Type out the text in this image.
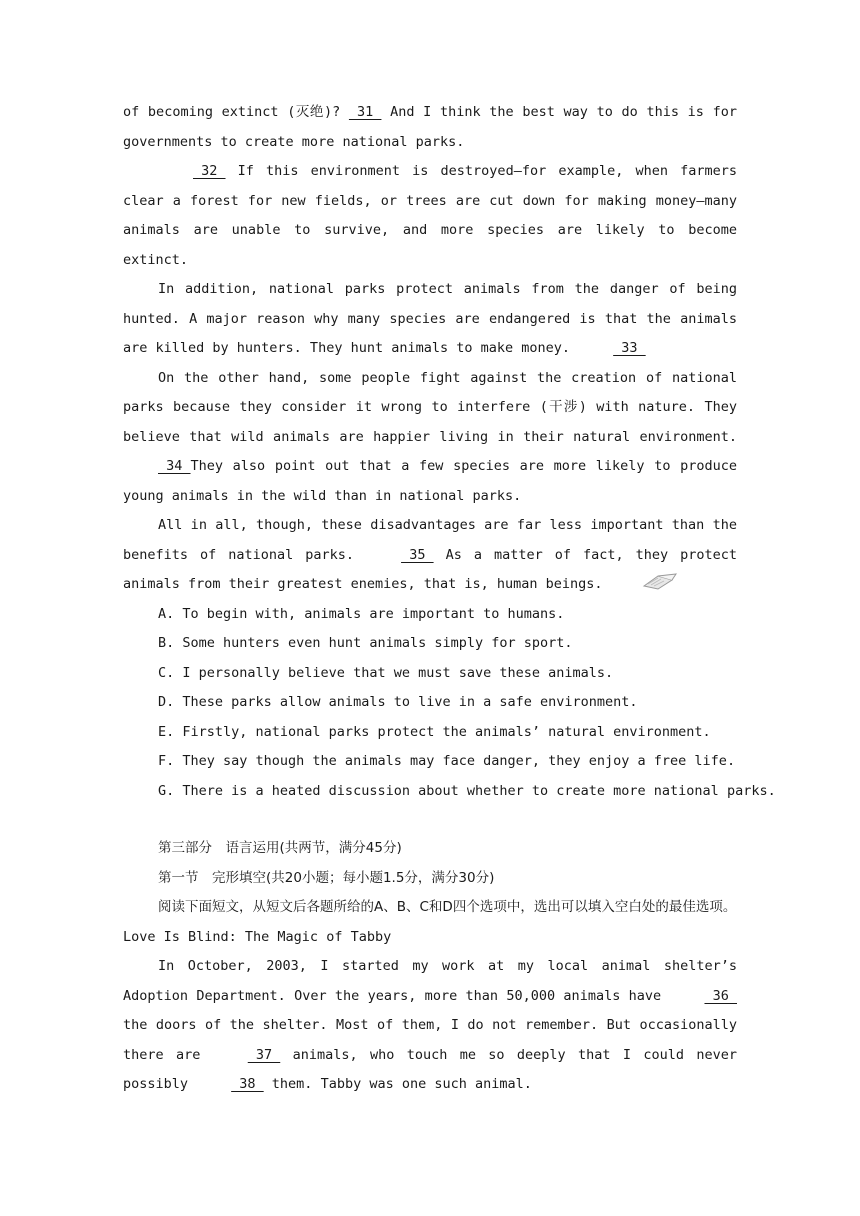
of becoming extinct (灭绝)?  31  And I think the best way to do this is for governments to create more national parks.

32  If this environment is destroyed—for example, when farmers clear a forest for new fields, or trees are cut down for making money—many animals are unable to survive, and more species are likely to become extinct.

In addition, national parks protect animals from the danger of being hunted. A major reason why many species are endangered is that the animals are killed by hunters. They hunt animals to make money.	33

On the other hand, some people fight against the creation of national parks because they consider it wrong to interfere (干涉) with nature. They believe that wild animals are happier living in their natural environment.  34 They also point out that a few species are more likely to produce young animals in the wild than in national parks.

All in all, though, these disadvantages are far less important than the benefits of national parks.	35  As a matter of fact, they protect animals from their greatest enemies, that is, human beings.

A. To begin with, animals are important to humans.

B. Some hunters even hunt animals simply for sport.

C. I personally believe that we must save these animals.

D. These parks allow animals to live in a safe environment.

E. Firstly, national parks protect the animals’ natural environment.

F. They say though the animals may face danger, they enjoy a free life.

G. There is a heated discussion about whether to create more national parks.

第三部分　语言运用(共两节，满分45分)

第一节　完形填空(共20小题；每小题1.5分，满分30分)

阅读下面短文，从短文后各题所给的A、B、C和D四个选项中，选出可以填入空白处的最佳选项。

Love Is Blind: The Magic of Tabby

In October, 2003, I started my work at my local animal shelter’s Adoption Department. Over the years, more than 50,000 animals have	36  the doors of the shelter. Most of them, I do not remember. But occasionally there are	37  animals, who touch me so deeply that I could never possibly	38  them. Tabby was one such animal.
